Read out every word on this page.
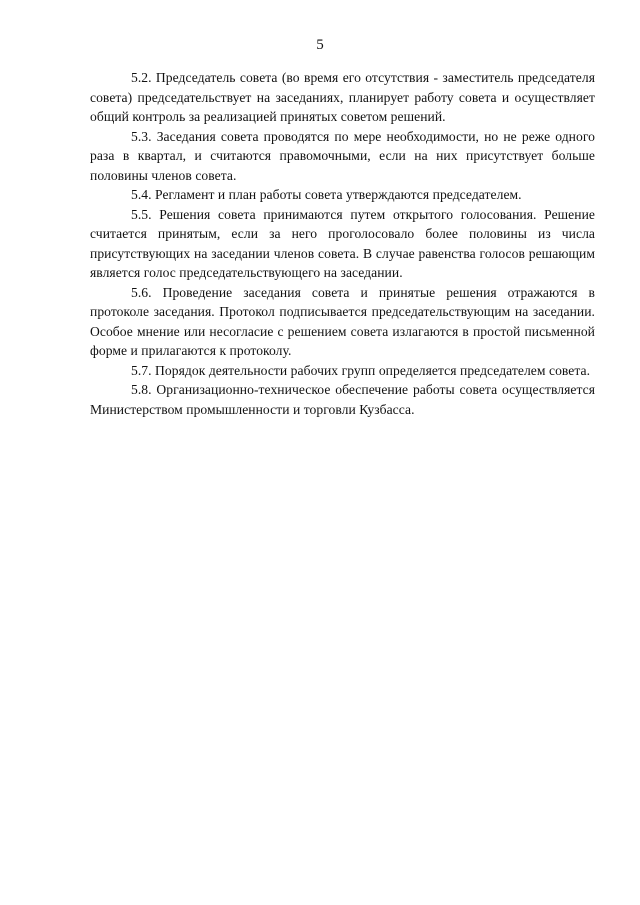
5

5.2. Председатель совета (во время его отсутствия - заместитель председателя совета) председательствует на заседаниях, планирует работу совета и осуществляет общий контроль за реализацией принятых советом решений.

5.3. Заседания совета проводятся по мере необходимости, но не реже одного раза в квартал, и считаются правомочными, если на них присутствует больше половины членов совета.

5.4. Регламент и план работы совета утверждаются председателем.

5.5. Решения совета принимаются путем открытого голосования. Решение считается принятым, если за него проголосовало более половины из числа присутствующих на заседании членов совета. В случае равенства голосов решающим является голос председательствующего на заседании.

5.6. Проведение заседания совета и принятые решения отражаются в протоколе заседания. Протокол подписывается председательствующим на заседании. Особое мнение или несогласие с решением совета излагаются в простой письменной форме и прилагаются к протоколу.

5.7. Порядок деятельности рабочих групп определяется председателем совета.

5.8. Организационно-техническое обеспечение работы совета осуществляется Министерством промышленности и торговли Кузбасса.
